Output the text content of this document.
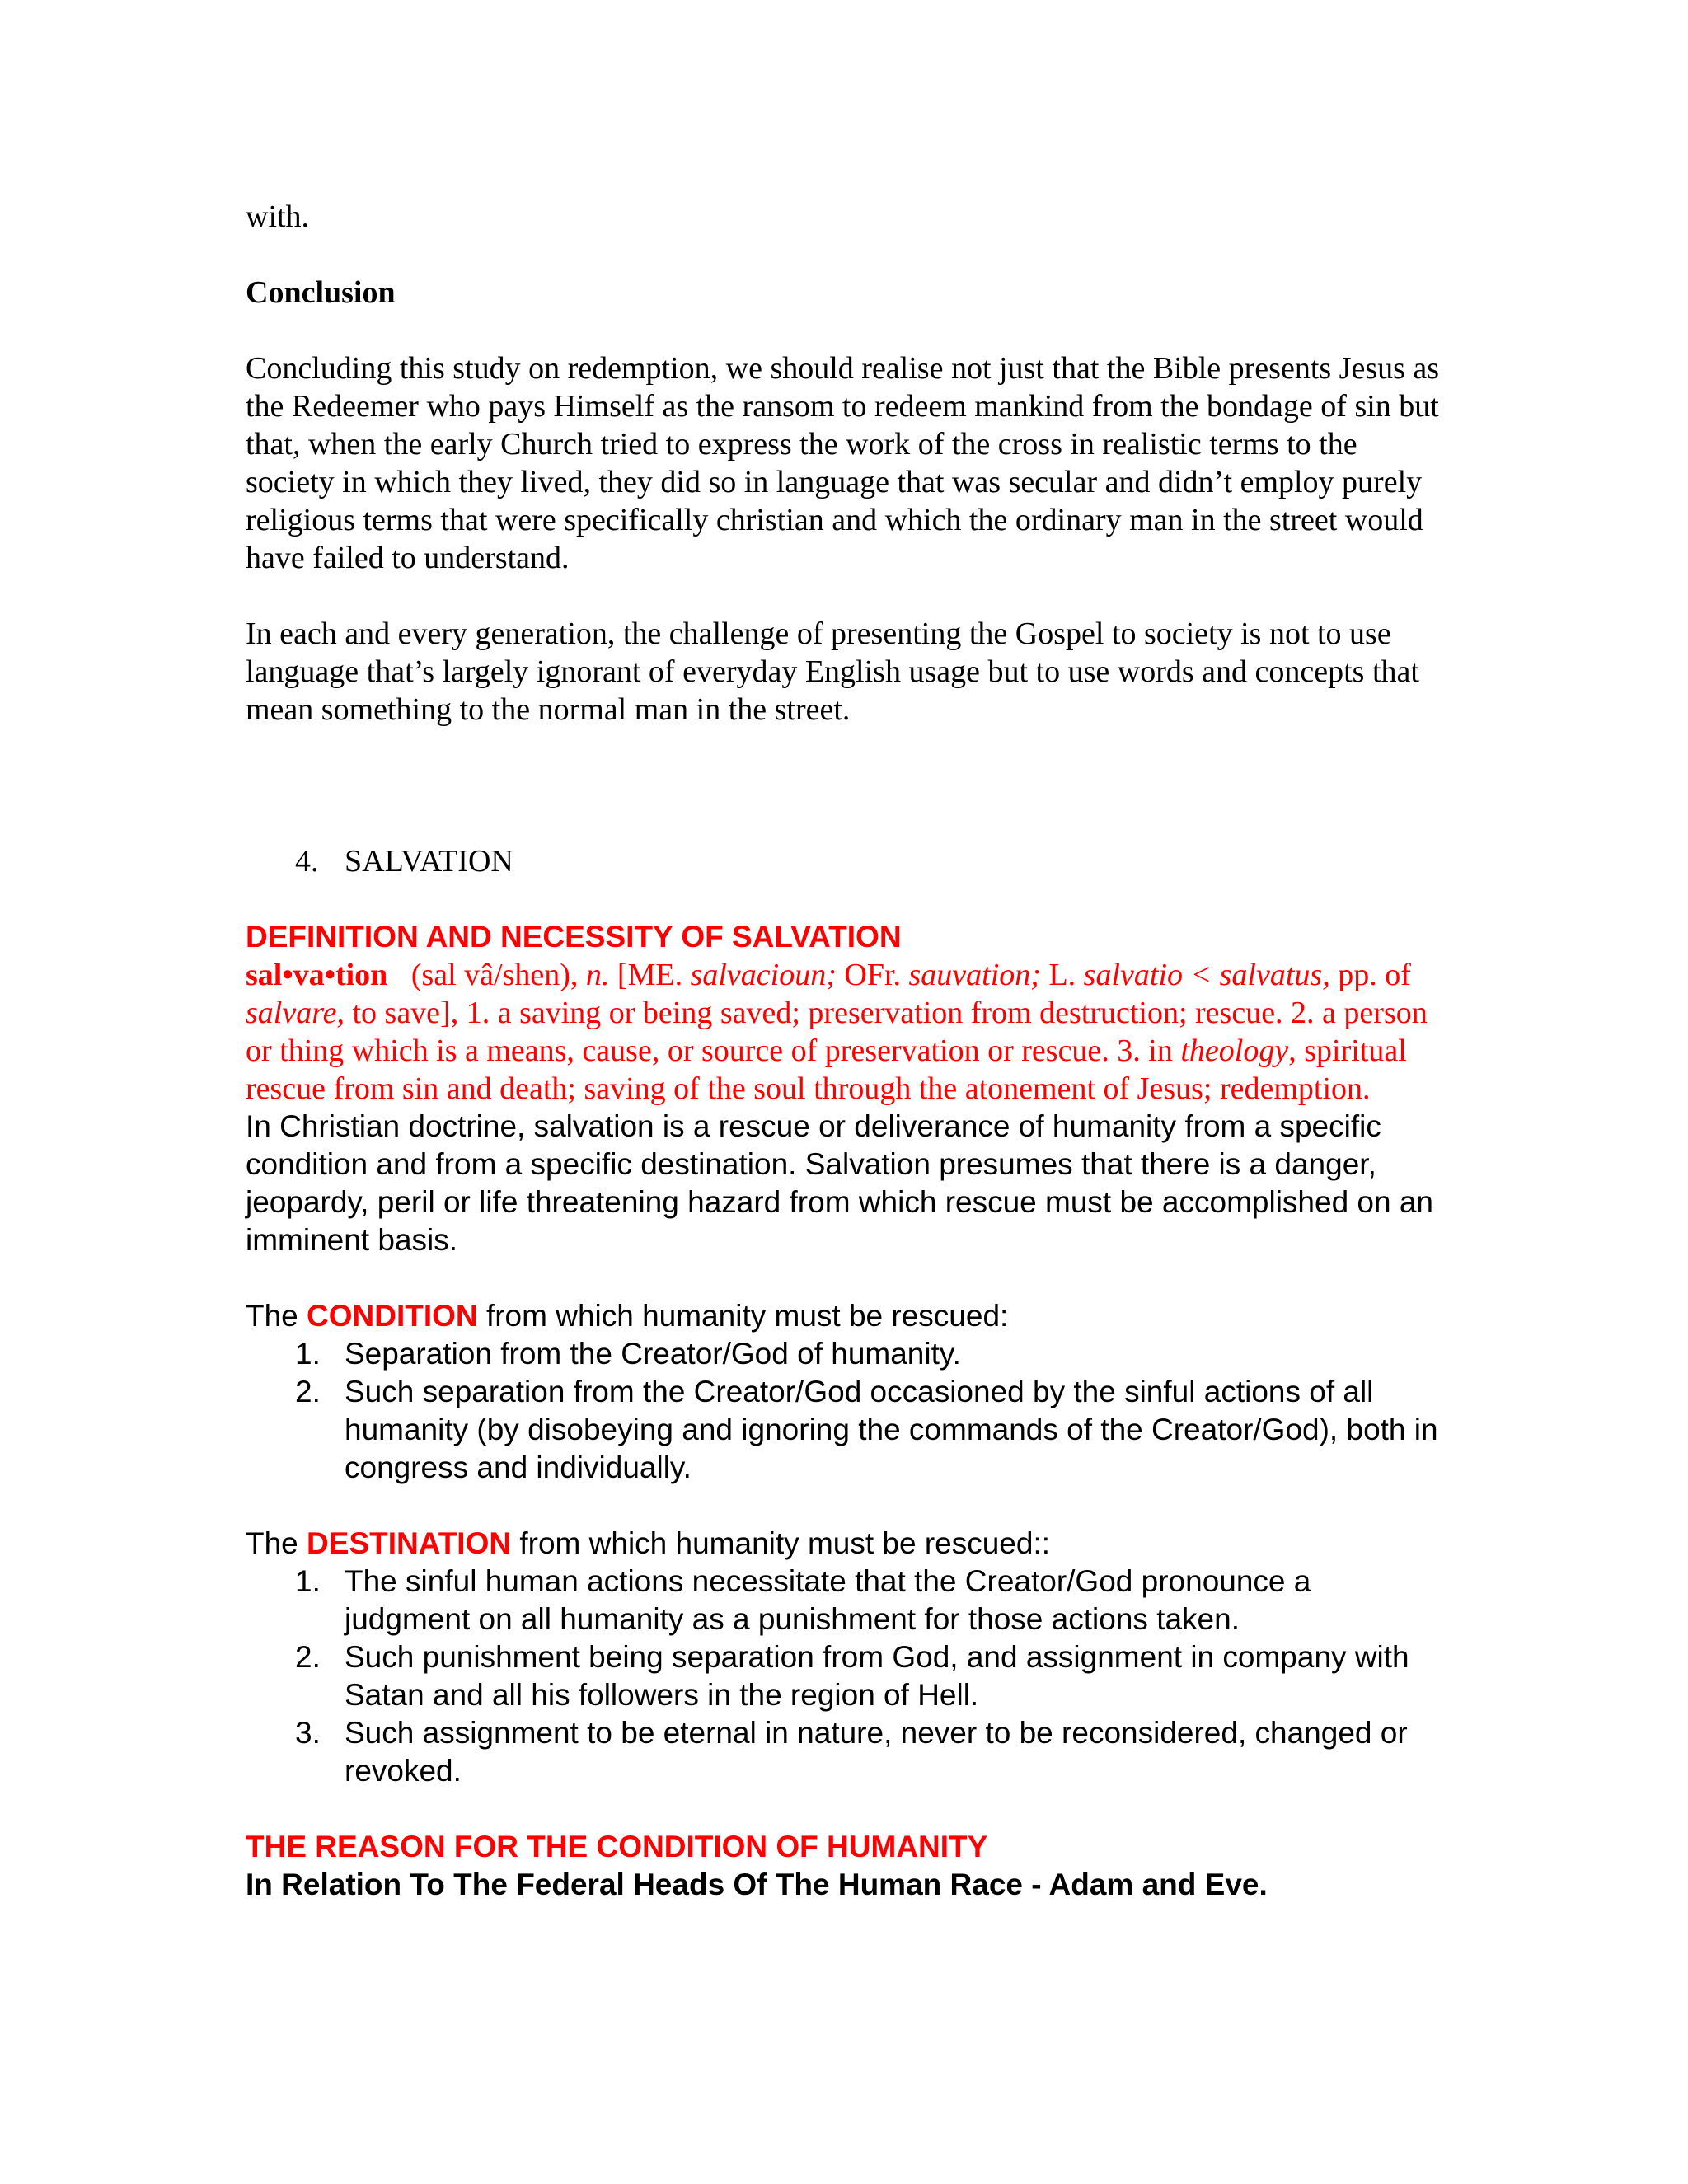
with.

Conclusion

Concluding this study on redemption, we should realise not just that the Bible presents Jesus as the Redeemer who pays Himself as the ransom to redeem mankind from the bondage of sin but that, when the early Church tried to express the work of the cross in realistic terms to the society in which they lived, they did so in language that was secular and didn’t employ purely religious terms that were specifically christian and which the ordinary man in the street would have failed to understand.

In each and every generation, the challenge of presenting the Gospel to society is not to use language that’s largely ignorant of everyday English usage but to use words and concepts that mean something to the normal man in the street.

4. SALVATION

DEFINITION AND NECESSITY OF SALVATION

sal•va•tion (sal vâ/shen), n. [ME. salvacioun; OFr. sauvation; L. salvatio < salvatus, pp. of salvare, to save], 1. a saving or being saved; preservation from destruction; rescue. 2. a person or thing which is a means, cause, or source of preservation or rescue. 3. in theology, spiritual rescue from sin and death; saving of the soul through the atonement of Jesus; redemption.

In Christian doctrine, salvation is a rescue or deliverance of humanity from a specific condition and from a specific destination. Salvation presumes that there is a danger, jeopardy, peril or life threatening hazard from which rescue must be accomplished on an imminent basis.

The CONDITION from which humanity must be rescued:

1. Separation from the Creator/God of humanity.
2. Such separation from the Creator/God occasioned by the sinful actions of all humanity (by disobeying and ignoring the commands of the Creator/God), both in congress and individually.

The DESTINATION from which humanity must be rescued::

1. The sinful human actions necessitate that the Creator/God pronounce a judgment on all humanity as a punishment for those actions taken.
2. Such punishment being separation from God, and assignment in company with Satan and all his followers in the region of Hell.
3. Such assignment to be eternal in nature, never to be reconsidered, changed or revoked.

THE REASON FOR THE CONDITION OF HUMANITY

In Relation To The Federal Heads Of The Human Race - Adam and Eve.
